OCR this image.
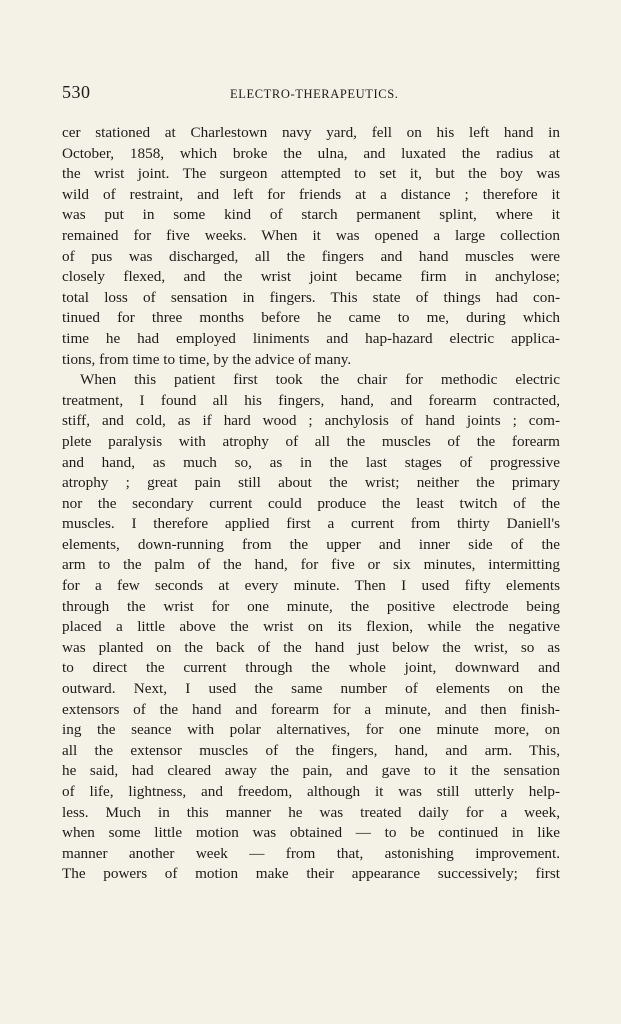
530	ELECTRO-THERAPEUTICS.
cer stationed at Charlestown navy yard, fell on his left hand in
October, 1858, which broke the ulna, and luxated the radius at
the wrist joint. The surgeon attempted to set it, but the boy was
wild of restraint, and left for friends at a distance ; therefore it
was put in some kind of starch permanent splint, where it
remained for five weeks. When it was opened a large collection
of pus was discharged, all the fingers and hand muscles were
closely flexed, and the wrist joint became firm in anchylose;
total loss of sensation in fingers. This state of things had con-
tinued for three months before he came to me, during which
time he had employed liniments and hap-hazard electric applica-
tions, from time to time, by the advice of many.
When this patient first took the chair for methodic electric
treatment, I found all his fingers, hand, and forearm contracted,
stiff, and cold, as if hard wood ; anchylosis of hand joints ; com-
plete paralysis with atrophy of all the muscles of the forearm
and hand, as much so, as in the last stages of progressive
atrophy ; great pain still about the wrist; neither the primary
nor the secondary current could produce the least twitch of the
muscles. I therefore applied first a current from thirty Daniell's
elements, down-running from the upper and inner side of the
arm to the palm of the hand, for five or six minutes, intermitting
for a few seconds at every minute. Then I used fifty elements
through the wrist for one minute, the positive electrode being
placed a little above the wrist on its flexion, while the negative
was planted on the back of the hand just below the wrist, so as
to direct the current through the whole joint, downward and
outward. Next, I used the same number of elements on the
extensors of the hand and forearm for a minute, and then finish-
ing the seance with polar alternatives, for one minute more, on
all the extensor muscles of the fingers, hand, and arm. This,
he said, had cleared away the pain, and gave to it the sensation
of life, lightness, and freedom, although it was still utterly help-
less. Much in this manner he was treated daily for a week,
when some little motion was obtained — to be continued in like
manner another week — from that, astonishing improvement.
The powers of motion make their appearance successively; first
